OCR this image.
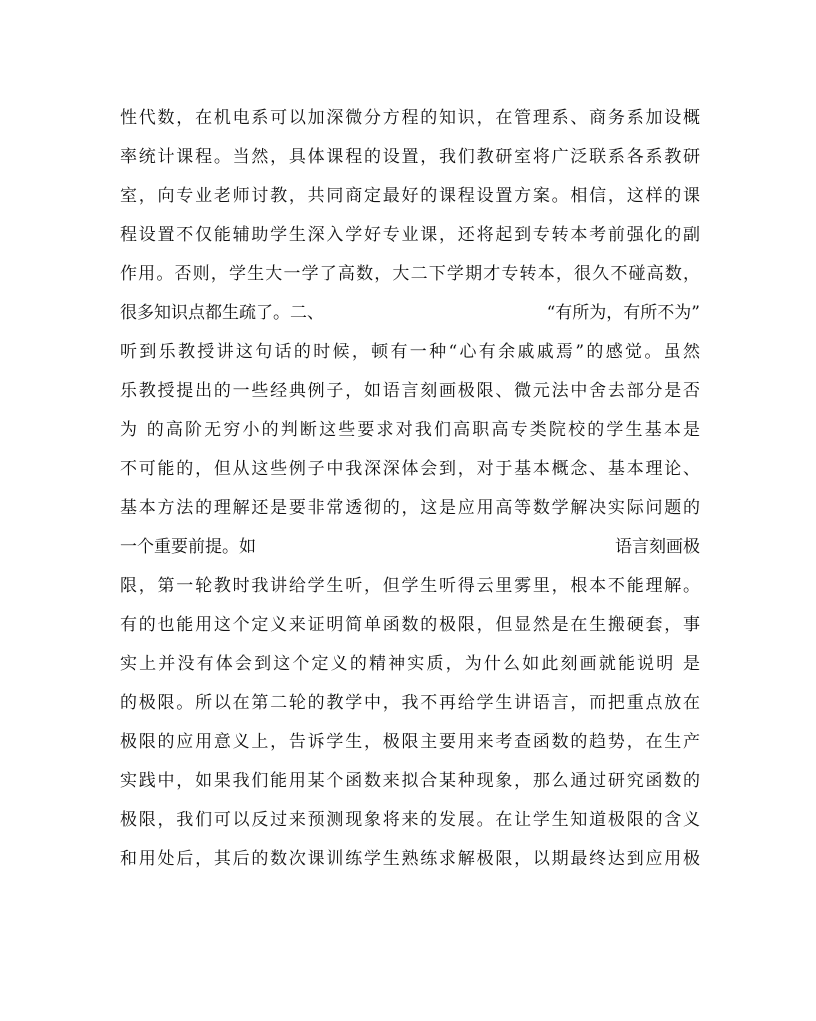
性代数，在机电系可以加深微分方程的知识，在管理系、商务系加设概
率统计课程。当然，具体课程的设置，我们教研室将广泛联系各系教研
室，向专业老师讨教，共同商定最好的课程设置方案。相信，这样的课
程设置不仅能辅助学生深入学好专业课，还将起到专转本考前强化的副
作用。否则，学生大一学了高数，大二下学期才专转本，很久不碰高数，
很多知识点都生疏了。二、	“有所为，有所不为”
听到乐教授讲这句话的时候，顿有一种“心有余戚戚焉”的感觉。虽然
乐教授提出的一些经典例子，如语言刻画极限、微元法中舍去部分是否
为 的高阶无穷小的判断这些要求对我们高职高专类院校的学生基本是
不可能的，但从这些例子中我深深体会到，对于基本概念、基本理论、
基本方法的理解还是要非常透彻的，这是应用高等数学解决实际问题的
一个重要前提。如	语言刻画极
限，第一轮教时我讲给学生听，但学生听得云里雾里，根本不能理解。
有的也能用这个定义来证明简单函数的极限，但显然是在生搬硬套，事
实上并没有体会到这个定义的精神实质，为什么如此刻画就能说明 是
的极限。所以在第二轮的教学中，我不再给学生讲语言，而把重点放在
极限的应用意义上，告诉学生，极限主要用来考查函数的趋势，在生产
实践中，如果我们能用某个函数来拟合某种现象，那么通过研究函数的
极限，我们可以反过来预测现象将来的发展。在让学生知道极限的含义
和用处后，其后的数次课训练学生熟练求解极限，以期最终达到应用极
